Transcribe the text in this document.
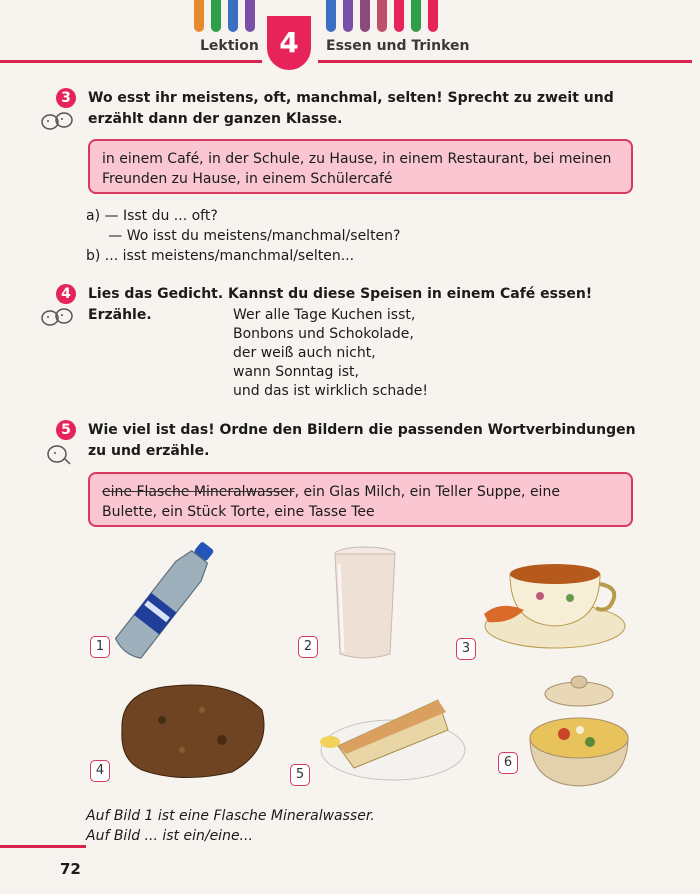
Lektion 4	Essen und Trinken
3	Wo esst ihr meistens, oft, manchmal, selten! Sprecht zu zweit und erzählt dann der ganzen Klasse.
in einem Café, in der Schule, zu Hause, in einem Restaurant, bei meinen Freunden zu Hause, in einem Schülercafé
a) — Isst du ... oft?
— Wo isst du meistens/manchmal/selten?
b) ... isst meistens/manchmal/selten...
4	Lies das Gedicht. Kannst du diese Speisen in einem Café essen! Erzähle.	Wer alle Tage Kuchen isst,
Bonbons und Schokolade,
der weiß auch nicht,
wann Sonntag ist,
und das ist wirklich schade!
5	Wie viel ist das! Ordne den Bildern die passenden Wortverbindungen zu und erzähle.
eine Flasche Mineralwasser, ein Glas Milch, ein Teller Suppe, eine Bulette, ein Stück Torte, eine Tasse Tee
1	2	3
4	5
6
Auf Bild 1 ist eine Flasche Mineralwasser.
Auf Bild ... ist ein/eine...
72
